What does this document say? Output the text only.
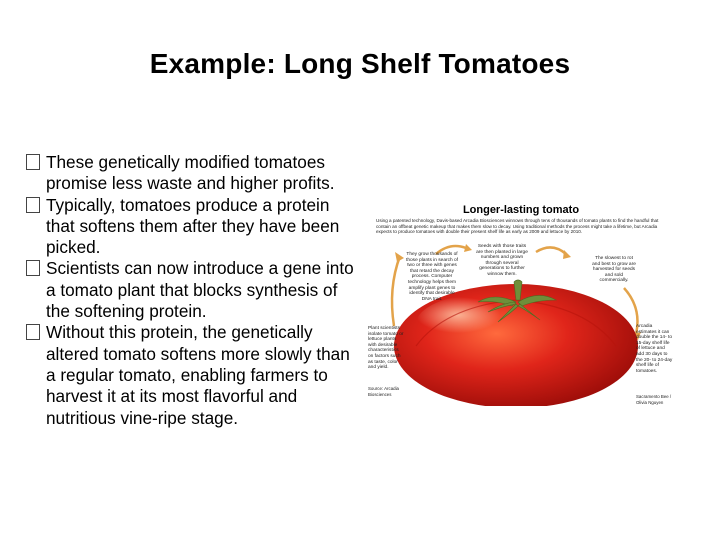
Example: Long Shelf Tomatoes
These genetically modified tomatoes promise less waste and higher profits.
Typically, tomatoes produce a protein that softens them after they have been picked.
Scientists can now introduce a gene into a tomato plant that blocks synthesis of the softening protein.
Without this protein, the genetically altered tomato softens more slowly than a regular tomato, enabling farmers to harvest it at its most flavorful and nutritious vine-ripe stage.
Longer-lasting tomato
Using a patented technology, Davis-based Arcadia Biosciences winnows through tens of thousands of tomato plants to find the handful that contain an offbeat genetic makeup that makes them slow to decay. Using traditional methods the process might take a lifetime, but Arcadia expects to produce tomatoes with double their present shelf life as early as 2009 and lettuce by 2010.
Plant scientists isolate tomato or lettuce plants with desirable characteristics on factors such as taste, color and yield.
They grow thousands of those plants in search of two or three with genes that retard the decay process. Computer technology helps them amplify plant genes to identify that desirable DNA trait.
Seeds with those traits are then planted in large numbers and grown through several generations to further winnow them.
The slowest to rot and best to grow are harvested for seeds and sold commercially.
Arcadia estimates it can double the 14- to 15-day shelf life of lettuce and add 30 days to the 20- to 24-day shelf life of tomatoes.
Source: Arcadia Biosciences	Sacramento Bee / Olivia Nguyen
